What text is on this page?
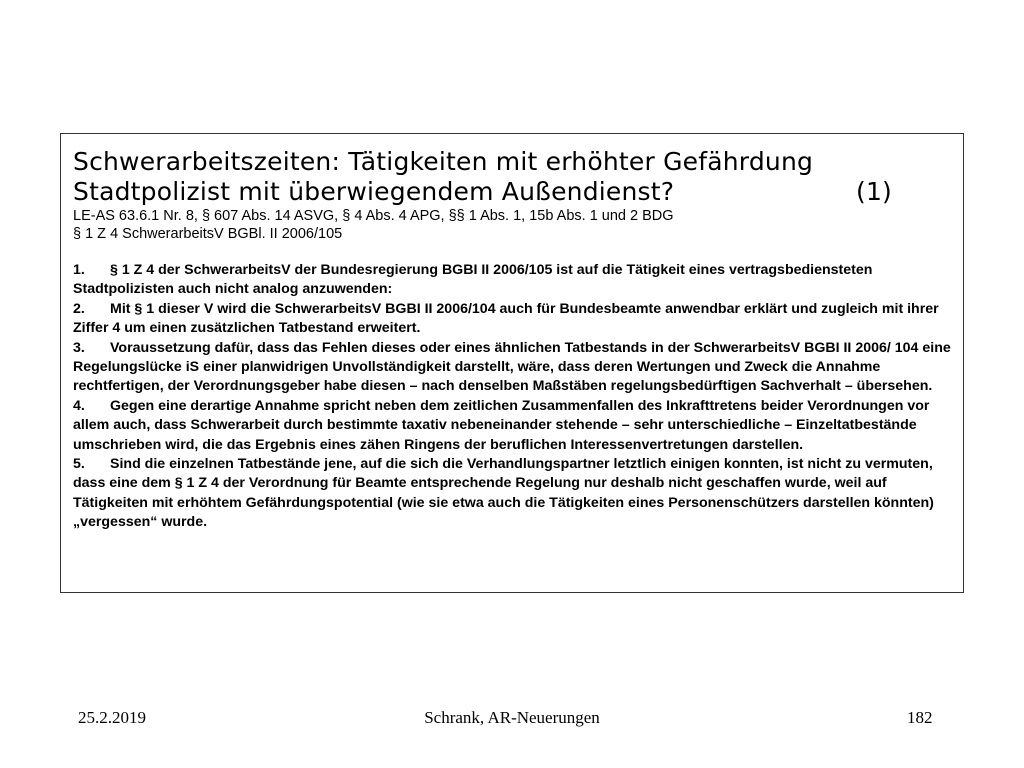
Schwerarbeitszeiten: Tätigkeiten mit erhöhter Gefährdung
Stadtpolizist mit überwiegendem Außendienst?	(1)
LE-AS 63.6.1 Nr. 8, § 607 Abs. 14 ASVG, § 4 Abs. 4 APG, §§ 1 Abs. 1, 15b Abs. 1 und 2 BDG
§ 1 Z 4 SchwerarbeitsV BGBl. II 2006/105
1. § 1 Z 4 der SchwerarbeitsV der Bundesregierung BGBI II 2006/105 ist auf die Tätigkeit eines vertragsbediensteten Stadtpolizisten auch nicht analog anzuwenden:
2. Mit § 1 dieser V wird die SchwerarbeitsV BGBI II 2006/104 auch für Bundesbeamte anwendbar erklärt und zugleich mit ihrer Ziffer 4 um einen zusätzlichen Tatbestand erweitert.
3. Voraussetzung dafür, dass das Fehlen dieses oder eines ähnlichen Tatbestands in der SchwerarbeitsV BGBI II 2006/ 104 eine Regelungslücke iS einer planwidrigen Unvollständigkeit darstellt, wäre, dass deren Wertungen und Zweck die Annahme rechtfertigen, der Verordnungsgeber habe diesen – nach denselben Maßstäben regelungsbedürftigen Sachverhalt – übersehen.
4. Gegen eine derartige Annahme spricht neben dem zeitlichen Zusammenfallen des Inkrafttretens beider Verordnungen vor allem auch, dass Schwerarbeit durch bestimmte taxativ nebeneinander stehende – sehr unterschiedliche – Einzeltatbestände umschrieben wird, die das Ergebnis eines zähen Ringens der beruflichen Interessenvertretungen darstellen.
5. Sind die einzelnen Tatbestände jene, auf die sich die Verhandlungspartner letztlich einigen konnten, ist nicht zu vermuten, dass eine dem § 1 Z 4 der Verordnung für Beamte entsprechende Regelung nur deshalb nicht geschaffen wurde, weil auf Tätigkeiten mit erhöhtem Gefährdungspotential (wie sie etwa auch die Tätigkeiten eines Personenschützers darstellen könnten) „vergessen“ wurde.
25.2.2019	Schrank, AR-Neuerungen	182
